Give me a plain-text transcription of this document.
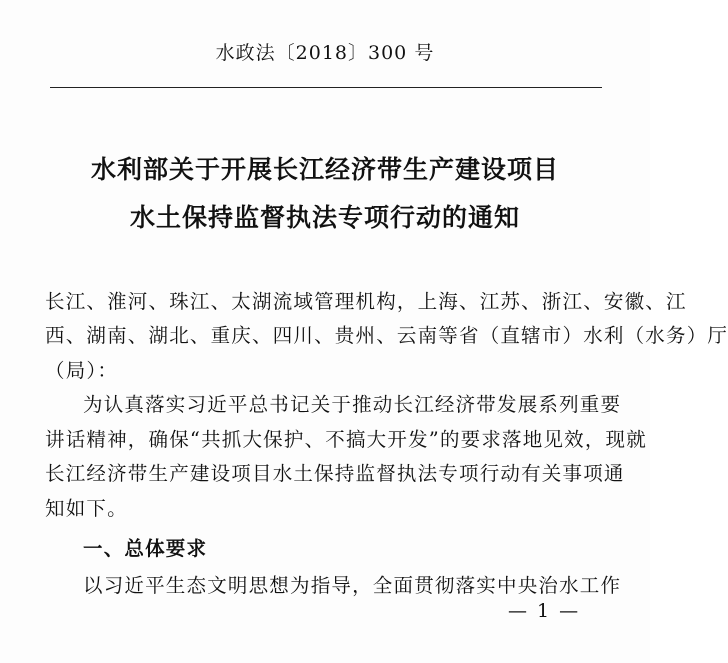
水政法〔2018〕300 号
水利部关于开展长江经济带生产建设项目
水土保持监督执法专项行动的通知
长江、淮河、珠江、太湖流域管理机构，上海、江苏、浙江、安徽、江
西、湖南、湖北、重庆、四川、贵州、云南等省（直辖市）水利（水务）厅
（局）：
为认真落实习近平总书记关于推动长江经济带发展系列重要
讲话精神，确保“共抓大保护、不搞大开发”的要求落地见效，现就
长江经济带生产建设项目水土保持监督执法专项行动有关事项通
知如下。
一、总体要求
以习近平生态文明思想为指导，全面贯彻落实中央治水工作
— 1 —
